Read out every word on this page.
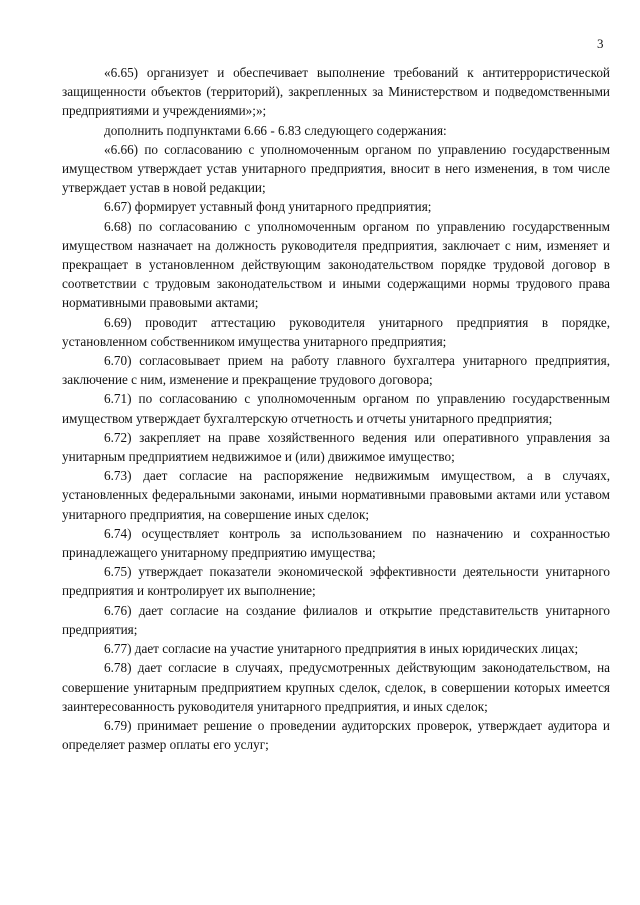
3

«6.65) организует и обеспечивает выполнение требований к антитеррористической защищенности объектов (территорий), закрепленных за Министерством и подведомственными предприятиями и учреждениями»;»;

дополнить подпунктами 6.66 - 6.83 следующего содержания:

«6.66) по согласованию с уполномоченным органом по управлению государственным имуществом утверждает устав унитарного предприятия, вносит в него изменения, в том числе утверждает устав в новой редакции;

6.67) формирует уставный фонд унитарного предприятия;

6.68) по согласованию с уполномоченным органом по управлению государственным имуществом назначает на должность руководителя предприятия, заключает с ним, изменяет и прекращает в установленном действующим законодательством порядке трудовой договор в соответствии с трудовым законодательством и иными содержащими нормы трудового права нормативными правовыми актами;

6.69) проводит аттестацию руководителя унитарного предприятия в порядке, установленном собственником имущества унитарного предприятия;

6.70) согласовывает прием на работу главного бухгалтера унитарного предприятия, заключение с ним, изменение и прекращение трудового договора;

6.71) по согласованию с уполномоченным органом по управлению государственным имуществом утверждает бухгалтерскую отчетность и отчеты унитарного предприятия;

6.72) закрепляет на праве хозяйственного ведения или оперативного управления за унитарным предприятием недвижимое и (или) движимое имущество;

6.73) дает согласие на распоряжение недвижимым имуществом, а в случаях, установленных федеральными законами, иными нормативными правовыми актами или уставом унитарного предприятия, на совершение иных сделок;

6.74) осуществляет контроль за использованием по назначению и сохранностью принадлежащего унитарному предприятию имущества;

6.75) утверждает показатели экономической эффективности деятельности унитарного предприятия и контролирует их выполнение;

6.76) дает согласие на создание филиалов и открытие представительств унитарного предприятия;

6.77) дает согласие на участие унитарного предприятия в иных юридических лицах;

6.78) дает согласие в случаях, предусмотренных действующим законодательством, на совершение унитарным предприятием крупных сделок, сделок, в совершении которых имеется заинтересованность руководителя унитарного предприятия, и иных сделок;

6.79) принимает решение о проведении аудиторских проверок, утверждает аудитора и определяет размер оплаты его услуг;
